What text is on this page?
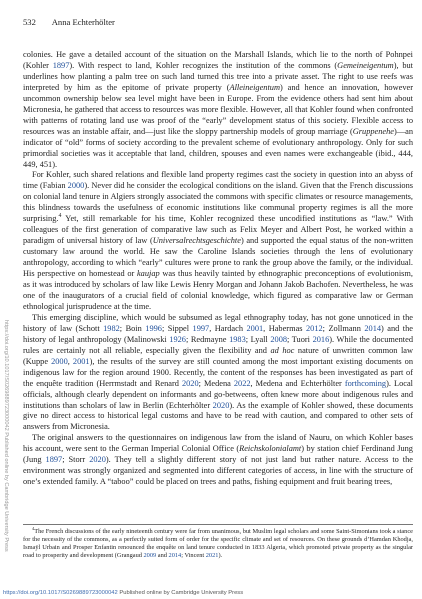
532 Anna Echterhölter

colonies. He gave a detailed account of the situation on the Marshall Islands, which lie to the north of Pohnpei (Kohler 1897). With respect to land, Kohler recognizes the institution of the commons (Gemeineigentum), but underlines how planting a palm tree on such land turned this tree into a private asset. The right to use reefs was interpreted by him as the epitome of private property (Alleineigentum) and hence an innovation, however uncommon ownership below sea level might have been in Europe. From the evidence others had sent him about Micronesia, he gathered that access to resources was more flexible. However, all that Kohler found when confronted with patterns of rotating land use was proof of the “early” development status of this society. Flexible access to resources was an instable affair, and—just like the sloppy partnership models of group marriage (Gruppenehe)—an indicator of “old” forms of society according to the prevalent scheme of evolutionary anthropology. Only for such primordial societies was it acceptable that land, children, spouses and even names were exchangeable (ibid., 444, 449, 451).

For Kohler, such shared relations and flexible land property regimes cast the society in question into an abyss of time (Fabian 2000). Never did he consider the ecological conditions on the island. Given that the French discussions on colonial land tenure in Algiers strongly associated the commons with specific climates or resource managements, this blindness towards the usefulness of economic institutions like communal property regimes is all the more surprising.$^4$ Yet, still remarkable for his time, Kohler recognized these uncodified institutions as “law.” With colleagues of the first generation of comparative law such as Felix Meyer and Albert Post, he worked within a paradigm of universal history of law (Universalrechtsgeschichte) and supported the equal status of the non-written customary law around the world. He saw the Caroline Islands societies through the lens of evolutionary anthropology, according to which “early” cultures were prone to rank the group above the family, or the individual. His perspective on homestead or kaujap was thus heavily tainted by ethnographic preconceptions of evolutionism, as it was introduced by scholars of law like Lewis Henry Morgan and Johann Jakob Bachofen. Nevertheless, he was one of the inaugurators of a crucial field of colonial knowledge, which figured as comparative law or German ethnological jurisprudence at the time.

This emerging discipline, which would be subsumed as legal ethnography today, has not gone unnoticed in the history of law (Schott 1982; Boin 1996; Sippel 1997, Hardach 2001, Habermas 2012; Zollmann 2014) and the history of legal anthropology (Malinowski 1926; Redmayne 1983; Lyall 2008; Tuori 2016). While the documented rules are certainly not all reliable, especially given the flexibility and ad hoc nature of unwritten common law (Kuppe 2000, 2001), the results of the survey are still counted among the most important existing documents on indigenous law for the region around 1900. Recently, the content of the responses has been investigated as part of the enquête tradition (Herrmstadt and Renard 2020; Medena 2022, Medena and Echterhölter forthcoming). Local officials, although clearly dependent on informants and go-betweens, often knew more about indigenous rules and institutions than scholars of law in Berlin (Echterhölter 2020). As the example of Kohler showed, these documents give no direct access to historical legal customs and have to be read with caution, and compared to other sets of answers from Micronesia.

The original answers to the questionnaires on indigenous law from the island of Nauru, on which Kohler bases his account, were sent to the German Imperial Colonial Office (Reichskolonialamt) by station chief Ferdinand Jung (Jung 1897; Storr 2020). They tell a slightly different story of not just land but rather nature. Access to the environment was strongly organized and segmented into different categories of access, in line with the structure of one’s extended family. A “taboo” could be placed on trees and paths, fishing equipment and fruit bearing trees,

$^4$The French discussions of the early nineteenth century were far from unanimous, but Muslim legal scholars and some Saint-Simonians took a stance for the necessity of the commons, as a perfectly suited form of order for the specific climate and set of resources. On these grounds d’Hamdan Khodja, Ismaÿl Urbain and Prosper Enfantin renounced the enquête on land tenure conducted in 1833 Algeria, which promoted private property as the singular road to prosperity and development (Grangaud 2009 and 2014; Vincent 2021).

https://doi.org/10.1017/S0269889723000042 Published online by Cambridge University Press
https://doi.org/10.1017/S0269889723000042 Published online by Cambridge University Press
